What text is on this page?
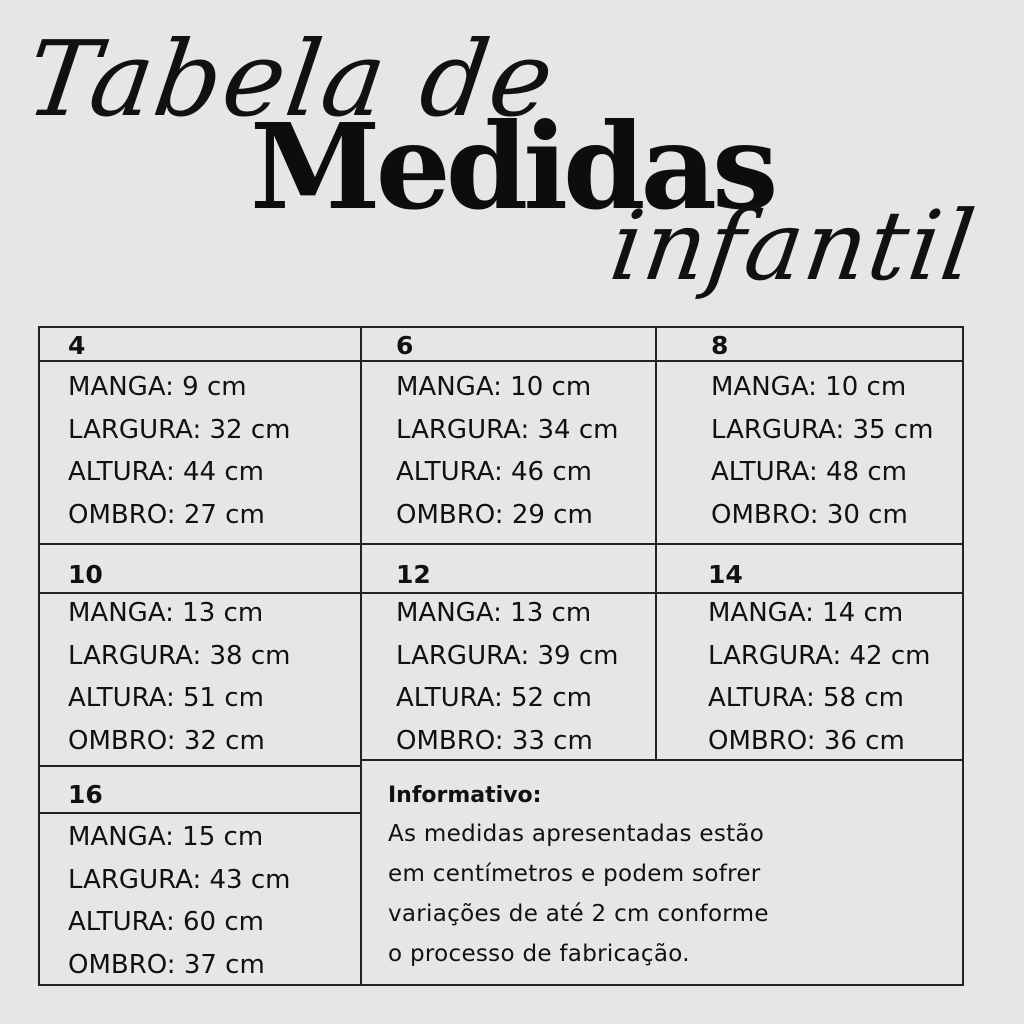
Tabela de
Medidas
infantil
4
MANGA: 9 cm
LARGURA: 32 cm
ALTURA: 44 cm
OMBRO: 27 cm
6
MANGA: 10 cm
LARGURA: 34 cm
ALTURA: 46 cm
OMBRO: 29 cm
8
MANGA: 10 cm
LARGURA: 35 cm
ALTURA: 48 cm
OMBRO: 30 cm
10
MANGA: 13 cm
LARGURA: 38 cm
ALTURA: 51 cm
OMBRO: 32 cm
12
MANGA: 13 cm
LARGURA: 39 cm
ALTURA: 52 cm
OMBRO: 33 cm
14
MANGA: 14 cm
LARGURA: 42 cm
ALTURA: 58 cm
OMBRO: 36 cm
16
MANGA: 15 cm
LARGURA: 43 cm
ALTURA: 60 cm
OMBRO: 37 cm
Informativo:
As medidas apresentadas estão
em centímetros e podem sofrer
variações de até 2 cm conforme
o processo de fabricação.
